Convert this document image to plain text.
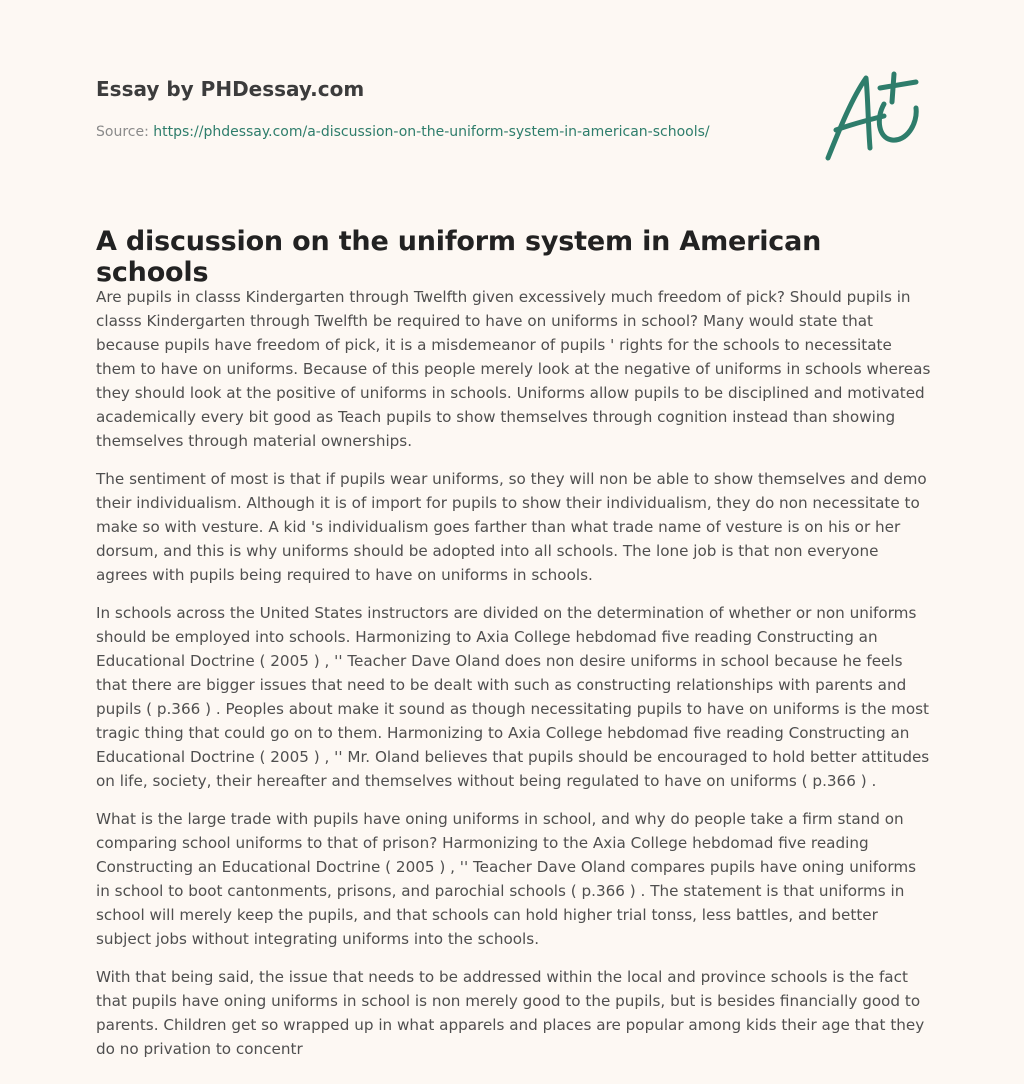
Essay by PHDessay.com
Source: https://phdessay.com/a-discussion-on-the-uniform-system-in-american-schools/
A discussion on the uniform system in American schools

Are pupils in classs Kindergarten through Twelfth given excessively much freedom of pick? Should pupils in classs Kindergarten through Twelfth be required to have on uniforms in school? Many would state that because pupils have freedom of pick, it is a misdemeanor of pupils ' rights for the schools to necessitate them to have on uniforms. Because of this people merely look at the negative of uniforms in schools whereas they should look at the positive of uniforms in schools. Uniforms allow pupils to be disciplined and motivated academically every bit good as Teach pupils to show themselves through cognition instead than showing themselves through material ownerships.

The sentiment of most is that if pupils wear uniforms, so they will non be able to show themselves and demo their individualism. Although it is of import for pupils to show their individualism, they do non necessitate to make so with vesture. A kid 's individualism goes farther than what trade name of vesture is on his or her dorsum, and this is why uniforms should be adopted into all schools. The lone job is that non everyone agrees with pupils being required to have on uniforms in schools.

In schools across the United States instructors are divided on the determination of whether or non uniforms should be employed into schools. Harmonizing to Axia College hebdomad five reading Constructing an Educational Doctrine ( 2005 ) , '' Teacher Dave Oland does non desire uniforms in school because he feels that there are bigger issues that need to be dealt with such as constructing relationships with parents and pupils ( p.366 ) . Peoples about make it sound as though necessitating pupils to have on uniforms is the most tragic thing that could go on to them. Harmonizing to Axia College hebdomad five reading Constructing an Educational Doctrine ( 2005 ) , '' Mr. Oland believes that pupils should be encouraged to hold better attitudes on life, society, their hereafter and themselves without being regulated to have on uniforms ( p.366 ) .

What is the large trade with pupils have oning uniforms in school, and why do people take a firm stand on comparing school uniforms to that of prison? Harmonizing to the Axia College hebdomad five reading Constructing an Educational Doctrine ( 2005 ) , '' Teacher Dave Oland compares pupils have oning uniforms in school to boot cantonments, prisons, and parochial schools ( p.366 ) . The statement is that uniforms in school will merely keep the pupils, and that schools can hold higher trial tonss, less battles, and better subject jobs without integrating uniforms into the schools.

With that being said, the issue that needs to be addressed within the local and province schools is the fact that pupils have oning uniforms in school is non merely good to the pupils, but is besides financially good to parents. Children get so wrapped up in what apparels and places are popular among kids their age that they do no privation to concentr
